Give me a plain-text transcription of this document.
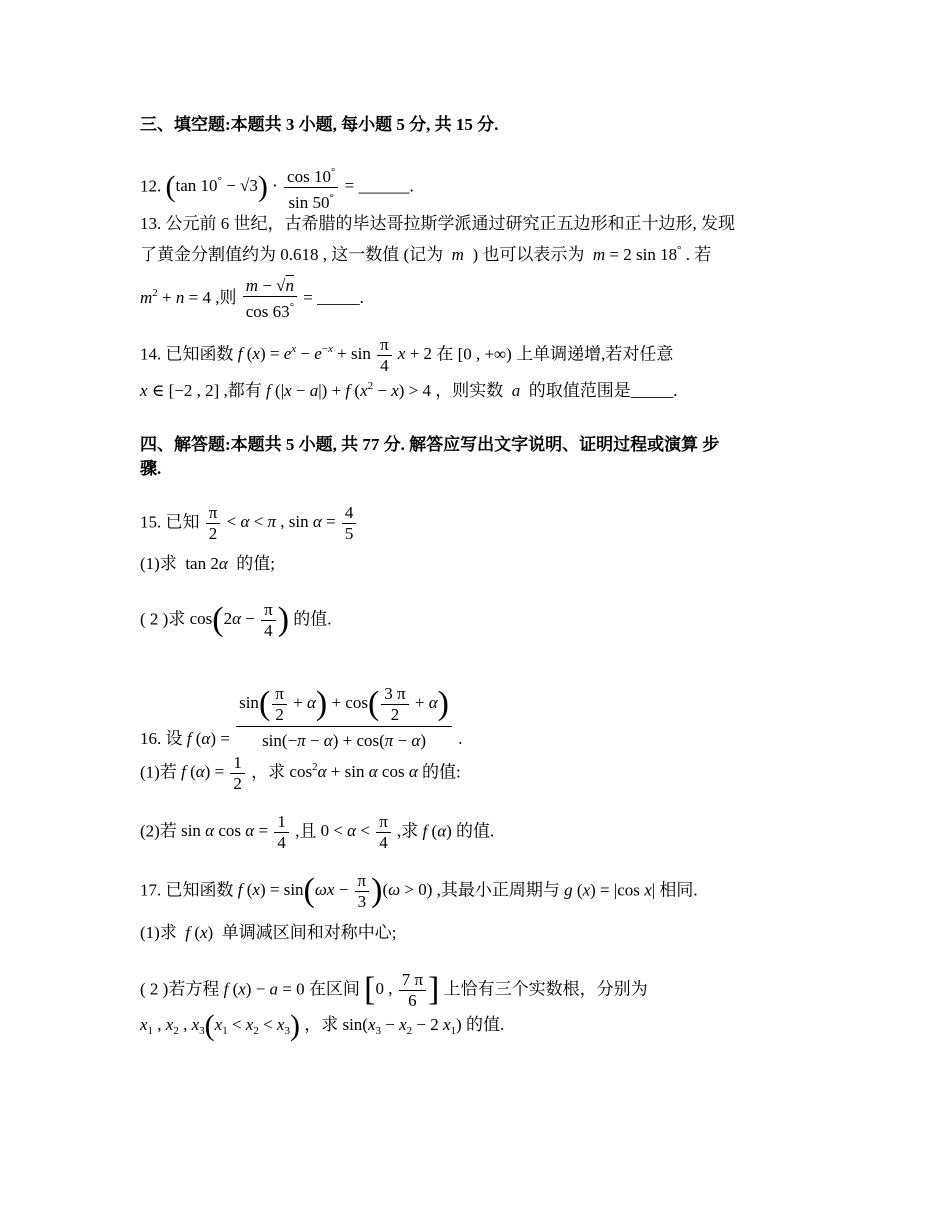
三、填空题:本题共 3 小题, 每小题 5 分, 共 15 分.
12. (tan $10^\circ - √3) \cdot \frac{\cos 10^\circ}{\sin 50^\circ}$ = ______.
13. 公元前 6 世纪，古希腊的毕达哥拉斯学派通过研究正五边形和正十边形, 发现
了黄金分割值约为 0.618 , 这一数值 (记为  m  ) 也可以表示为 m = 2 sin 18° . 若
$m^2 + n = 4$ ,则 $\frac{m - √n}{\cos 63^\circ}$ = _____.
14. 已知函数 f $(x) = e^x - e^{-x} + \sin \frac{\pi}{4}$ x + 2 在 [0 , +∞) 上单调递增,若对任意
x ∈ [−2 , 2] ,都有 f (|x − a|) + f $(x^2 - x) > 4$ ，则实数  a  的取值范围是_____.
四、解答题:本题共 5 小题, 共 77 分. 解答应写出文字说明、证明过程或演算 步
骤.
15. 已知 $\frac{\pi}{2} < \alpha < \pi$ , $\sin \alpha = \frac{4}{5}$
(1)求  tan 2α 的值;
( 2 )求 $\cos(2\alpha - \frac{\pi}{4}$ ) 的值.
16. 设 f $(\alpha) = \frac{\sin( \frac{\pi}{2} + \alpha) + \cos( \frac{3 \pi}{2} + \alpha)}{\sin(-\pi - \alpha) + \cos(\pi - \alpha)}$ .
(1)若 f $(\alpha) = \frac{1}{2}$ ，求 $\cos^2\alpha + \sin \alpha$ cos α 的值:
(2)若 sin α $\cos \alpha = \frac{1}{4}$ ,且 $0 < \alpha < \frac{\pi}{4}$ ,求 f (α) 的值.
17. 已知函数 f $(x) = \sin(\omega x - \frac{\pi}{3} )(\omega > 0)$ ,其最小正周期与 g (x) = |cos x| 相同.
(1)求 f (x)  单调减区间和对称中心;
( 2 )若方程 f (x) − a = 0 在区间 [0 , $\frac{7 \pi}{6}$ ] 上恰有三个实数根，分别为
$x_1$ , $x_2$ , $x_3(x_1 < x_2 < x_3)$ ，求 $\sin(x_3 - x_2 - 2$ $x_1$) 的值.
